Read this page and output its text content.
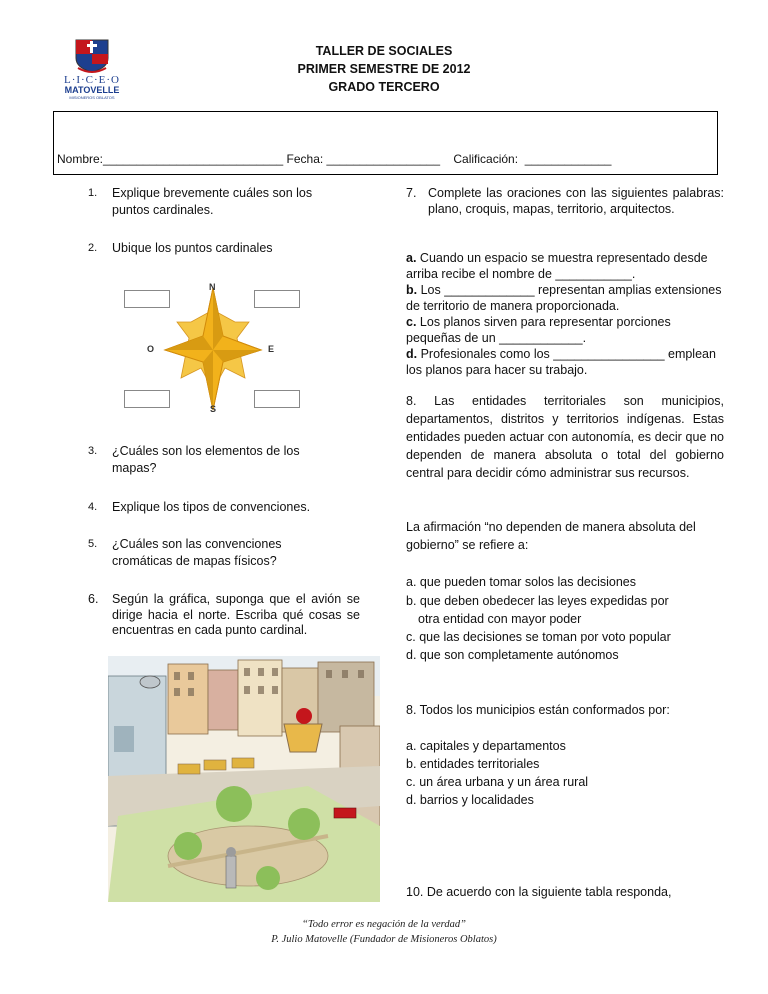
L·I·C·E·O
MATOVELLE
MISIONEROS OBLATOS
TALLER DE SOCIALES
PRIMER SEMESTRE DE 2012
GRADO TERCERO
Nombre:___________________________ Fecha: _________________    Calificación:  _____________
1. Explique brevemente cuáles son los puntos cardinales.
2. Ubique los puntos cardinales
N
S
E
O
3. ¿Cuáles son los elementos de los mapas?
4. Explique los tipos de convenciones.
5. ¿Cuáles son las convenciones cromáticas de mapas físicos?
6. Según la gráfica, suponga que el avión se dirige hacia el norte. Escriba qué cosas se encuentras en cada punto cardinal.
7. Complete las oraciones con las siguientes palabras: plano, croquis, mapas, territorio, arquitectos.
a. Cuando un espacio se muestra representado desde arriba recibe el nombre de ___________.
b. Los _____________ representan amplias extensiones de territorio de manera proporcionada.
c. Los planos sirven para representar porciones pequeñas de un ____________.
d. Profesionales como los ________________ emplean los planos para hacer su trabajo.
8. Las entidades territoriales son municipios, departamentos, distritos y territorios indígenas. Estas entidades pueden actuar con autonomía, es decir que no dependen de manera absoluta o total del gobierno central para decidir cómo administrar sus recursos.
La afirmación “no dependen de manera absoluta del gobierno” se refiere a:
a. que pueden tomar solos las decisiones
b. que deben obedecer las leyes expedidas por
otra entidad con mayor poder
c. que las decisiones se toman por voto popular
d. que son completamente autónomos
8. Todos los municipios están conformados por:
a. capitales y departamentos
b. entidades territoriales
c. un área urbana y un área rural
d. barrios y localidades
10. De acuerdo con la siguiente tabla responda,
“Todo error es negación de la verdad”
P. Julio Matovelle (Fundador de Misioneros Oblatos)
